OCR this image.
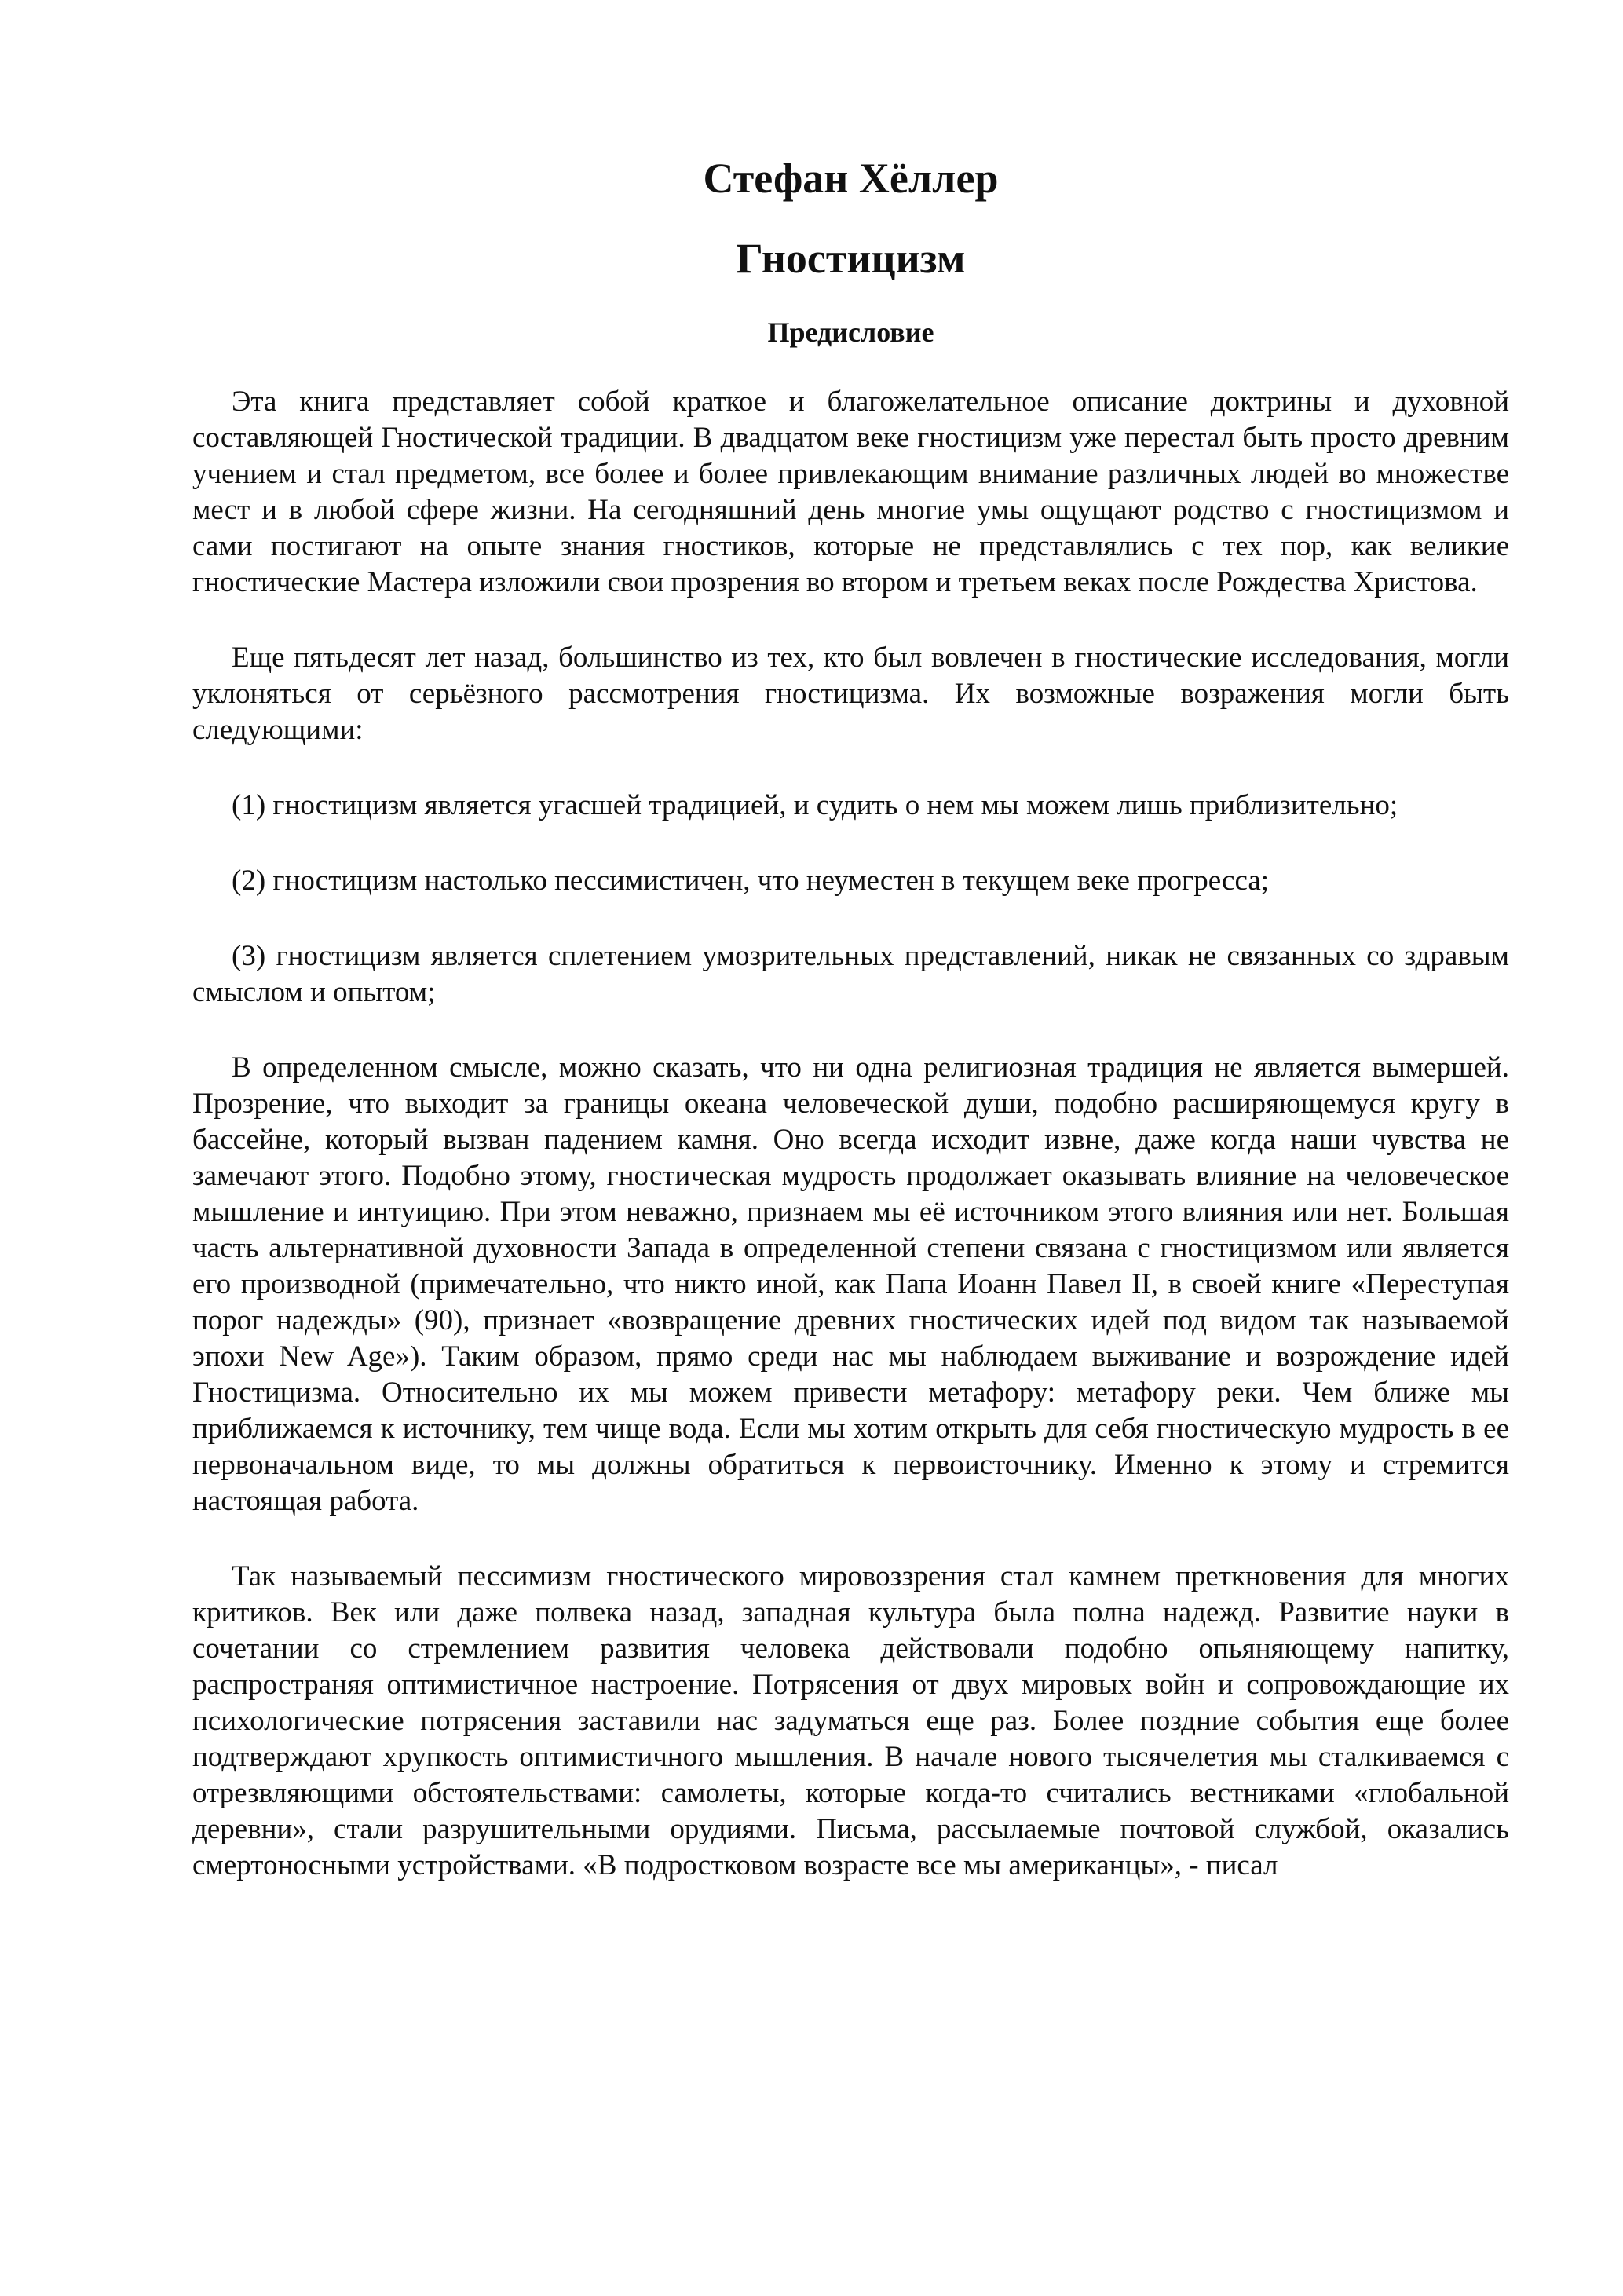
Стефан Хёллер
Гностицизм
Предисловие

Эта книга представляет собой краткое и благожелательное описание доктрины и духовной составляющей Гностической традиции. В двадцатом веке гностицизм уже перестал быть просто древним учением и стал предметом, все более и более привлекающим внимание различных людей во множестве мест и в любой сфере жизни. На сегодняшний день многие умы ощущают родство с гностицизмом и сами постигают на опыте знания гностиков, которые не представлялись с тех пор, как великие гностические Мастера изложили свои прозрения во втором и третьем веках после Рождества Христова.

Еще пятьдесят лет назад, большинство из тех, кто был вовлечен в гностические исследования, могли уклоняться от серьёзного рассмотрения гностицизма. Их возможные возражения могли быть следующими:

(1) гностицизм является угасшей традицией, и судить о нем мы можем лишь приблизительно;

(2) гностицизм настолько пессимистичен, что неуместен в текущем веке прогресса;

(3) гностицизм является сплетением умозрительных представлений, никак не связанных со здравым смыслом и опытом;

В определенном смысле, можно сказать, что ни одна религиозная традиция не является вымершей. Прозрение, что выходит за границы океана человеческой души, подобно расширяющемуся кругу в бассейне, который вызван падением камня. Оно всегда исходит извне, даже когда наши чувства не замечают этого. Подобно этому, гностическая мудрость продолжает оказывать влияние на человеческое мышление и интуицию. При этом неважно, признаем мы её источником этого влияния или нет. Большая часть альтернативной духовности Запада в определенной степени связана с гностицизмом или является его производной (примечательно, что никто иной, как Папа Иоанн Павел II, в своей книге «Переступая порог надежды» (90), признает «возвращение древних гностических идей под видом так называемой эпохи New Age»). Таким образом, прямо среди нас мы наблюдаем выживание и возрождение идей Гностицизма. Относительно их мы можем привести метафору: метафору реки. Чем ближе мы приближаемся к источнику, тем чище вода. Если мы хотим открыть для себя гностическую мудрость в ее первоначальном виде, то мы должны обратиться к первоисточнику. Именно к этому и стремится настоящая работа.

Так называемый пессимизм гностического мировоззрения стал камнем преткновения для многих критиков. Век или даже полвека назад, западная культура была полна надежд. Развитие науки в сочетании со стремлением развития человека действовали подобно опьяняющему напитку, распространяя оптимистичное настроение. Потрясения от двух мировых войн и сопровождающие их психологические потрясения заставили нас задуматься еще раз. Более поздние события еще более подтверждают хрупкость оптимистичного мышления. В начале нового тысячелетия мы сталкиваемся с отрезвляющими обстоятельствами: самолеты, которые когда-то считались вестниками «глобальной деревни», стали разрушительными орудиями. Письма, рассылаемые почтовой службой, оказались смертоносными устройствами. «В подростковом возрасте все мы американцы», - писал
